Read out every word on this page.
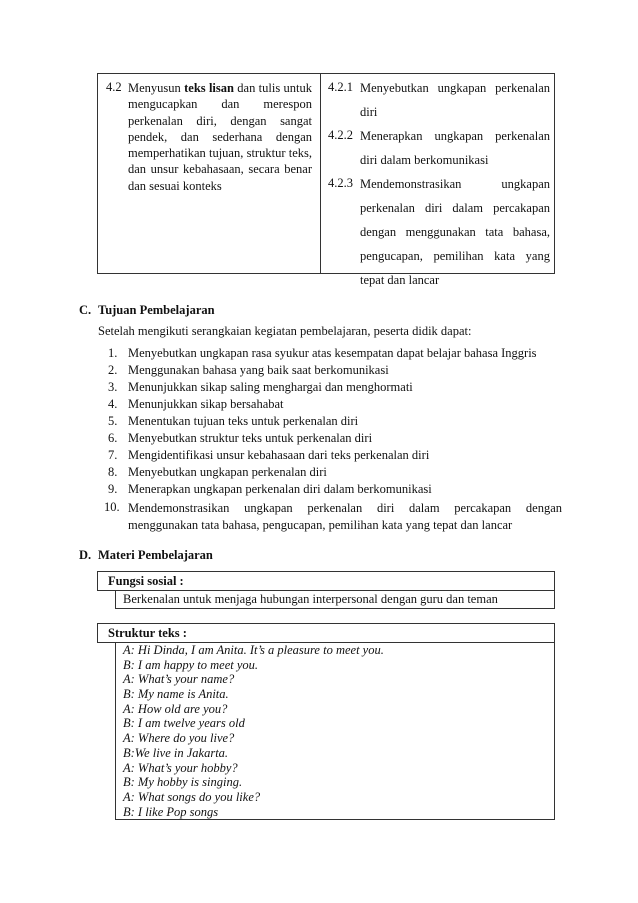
4.2 Menyusun teks lisan dan tulis untuk mengucapkan dan merespon perkenalan diri, dengan sangat pendek, dan sederhana dengan memperhatikan tujuan, struktur teks, dan unsur kebahasaan, secara benar dan sesuai konteks
4.2.1 Menyebutkan ungkapan perkenalan
diri
4.2.2 Menerapkan ungkapan perkenalan
diri dalam berkomunikasi
4.2.3 Mendemonstrasikan ungkapan
perkenalan diri dalam percakapan
dengan menggunakan tata bahasa,
pengucapan, pemilihan kata yang
tepat dan lancar
C. Tujuan Pembelajaran
Setelah mengikuti serangkaian kegiatan pembelajaran, peserta didik dapat:
1. Menyebutkan ungkapan rasa syukur atas kesempatan dapat belajar bahasa Inggris
2. Menggunakan bahasa yang baik saat berkomunikasi
3. Menunjukkan sikap saling menghargai dan menghormati
4. Menunjukkan sikap bersahabat
5. Menentukan tujuan teks untuk perkenalan diri
6. Menyebutkan struktur teks untuk perkenalan diri
7. Mengidentifikasi unsur kebahasaan dari teks perkenalan diri
8. Menyebutkan ungkapan perkenalan diri
9. Menerapkan ungkapan perkenalan diri dalam berkomunikasi
10. Mendemonstrasikan ungkapan perkenalan diri dalam percakapan dengan
menggunakan tata bahasa, pengucapan, pemilihan kata yang tepat dan lancar
D. Materi Pembelajaran
Fungsi sosial :
Berkenalan untuk menjaga hubungan interpersonal dengan guru dan teman
Struktur teks :
A: Hi Dinda, I am Anita. It’s a pleasure to meet you.
B: I am happy to meet you.
A: What’s your name?
B: My name is Anita.
A: How old are you?
B: I am twelve years old
A: Where do you live?
B:We live in Jakarta.
A: What’s your hobby?
B: My hobby is singing.
A: What songs do you like?
B: I like Pop songs
